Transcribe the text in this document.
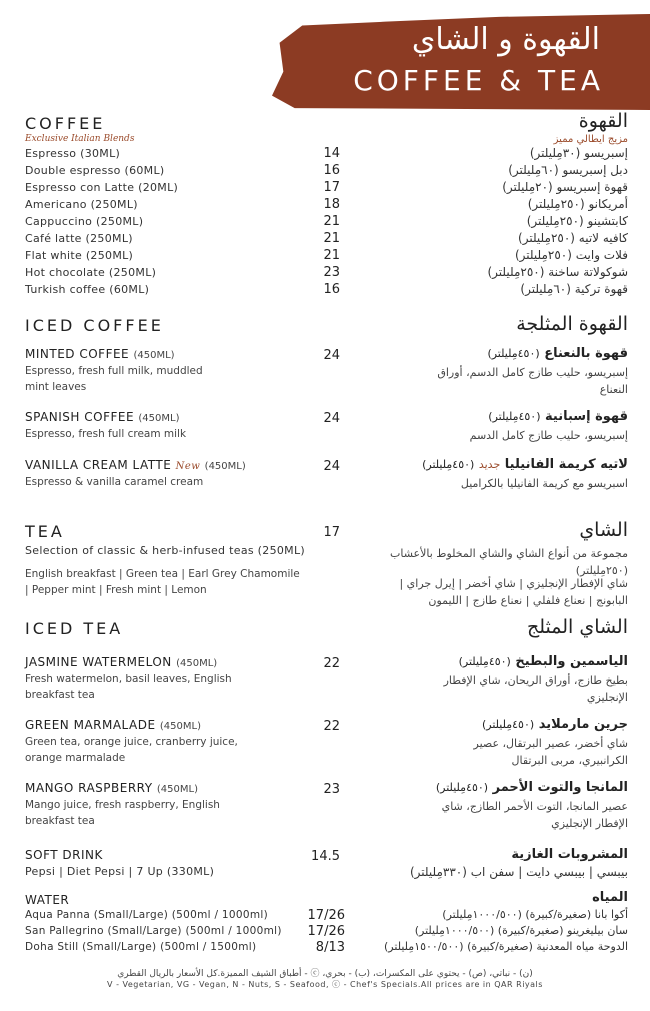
القهوة و الشاي
COFFEE & TEA
COFFEE
Exclusive Italian Blends
القهوة
مزيج ايطالي مميز
Espresso (30ML)	14	إسبريسو (٣٠مِليلتر)
Double espresso (60ML)	16	دبل إسبريسو (٦٠مِليلتر)
Espresso con Latte (20ML)	17	قهوة إسبريسو (٢٠مِليلتر)
Americano (250ML)	18	أمريكانو (٢٥٠مِليلتر)
Cappuccino (250ML)	21	كابتشينو (٢٥٠مِليلتر)
Café latte (250ML)	21	كافيه لاتيه (٢٥٠مِليلتر)
Flat white (250ML)	21	فلات وايت (٢٥٠مِليلتر)
Hot chocolate (250ML)	23	شوكولاتة ساخنة (٢٥٠مِليلتر)
Turkish coffee (60ML)	16	قهوة تركية (٦٠مِليلتر)
ICED COFFEE	القهوة المثلجة
MINTED COFFEE (450ML)
Espresso, fresh full milk, muddled mint leaves
24	قهوة بالنعناع (٤٥٠مِليلتر)
إسبريسو، حليب طازج كامل الدسم، أوراق النعناع
SPANISH COFFEE (450ML)
Espresso, fresh full cream milk
24	قهوة إسبانية (٤٥٠مِليلتر)
إسبريسو، حليب طازج كامل الدسم
VANILLA CREAM LATTE New (450ML)
Espresso & vanilla caramel cream
24	لاتيه كريمة الفانيليا جديد (٤٥٠مِليلتر)
اسبريسو مع كريمة الفانيليا بالكراميل
TEA	17
Selection of classic & herb-infused teas (250ML)
English breakfast | Green tea | Earl Grey Chamomile | Pepper mint | Fresh mint | Lemon
الشاي
مجموعة من أنواع الشاي والشاي المخلوط بالأعشاب (٢٥٠مِليلتر)
شاي الإفطار الإنجليزي | شاي أخضر | إيرل جراي | البابونج | نعناع فلفلي | نعناع طازج | الليمون
ICED TEA	الشاي المثلج
JASMINE WATERMELON (450ML)
Fresh watermelon, basil leaves, English breakfast tea
22	الياسمين والبطيخ (٤٥٠مِليلتر)
بطيخ طازج، أوراق الريحان، شاي الإفطار الإنجليزي
GREEN MARMALADE (450ML)
Green tea, orange juice, cranberry juice, orange marmalade
22	جرين مارملايد (٤٥٠مِليلتر)
شاي أخضر، عصير البرتقال، عصير الكرانبيري، مربى البرتقال
MANGO RASPBERRY (450ML)
Mango juice, fresh raspberry, English breakfast tea
23	المانجا والتوت الأحمر (٤٥٠مِليلتر)
عصير المانجا، التوت الأحمر الطازج، شاي الإفطار الإنجليزي
SOFT DRINK	14.5
Pepsi | Diet Pepsi | 7 Up (330ML)
المشروبات الغازية
بيبسي | بيبسي دايت | سفن اب (٣٣٠مِليلتر)
WATER	المياه
Aqua Panna (Small/Large) (500ml / 1000ml)	17/26	أكوا بانا (صغيرة/كبيرة) (١٠٠٠/٥٠٠مِليلتر)
San Pallegrino (Small/Large) (500ml / 1000ml)	17/26	سان بيليغرينو (صغيرة/كبيرة) (١٠٠٠/٥٠٠مِليلتر)
Doha Still (Small/Large) (500ml / 1500ml)	8/13	الدوحة مياه المعدنية (صغيرة/كبيرة) (١٥٠٠/٥٠٠مِليلتر)
(ن) - نباتي، (ص) - يحتوي على المكسرات، (ب) - بحري، ⓒ - أطباق الشيف المميزة.كل الأسعار بالريال القطري
V - Vegetarian, VG - Vegan, N - Nuts, S - Seafood, ⓒ - Chef's Specials.All prices are in QAR Riyals
